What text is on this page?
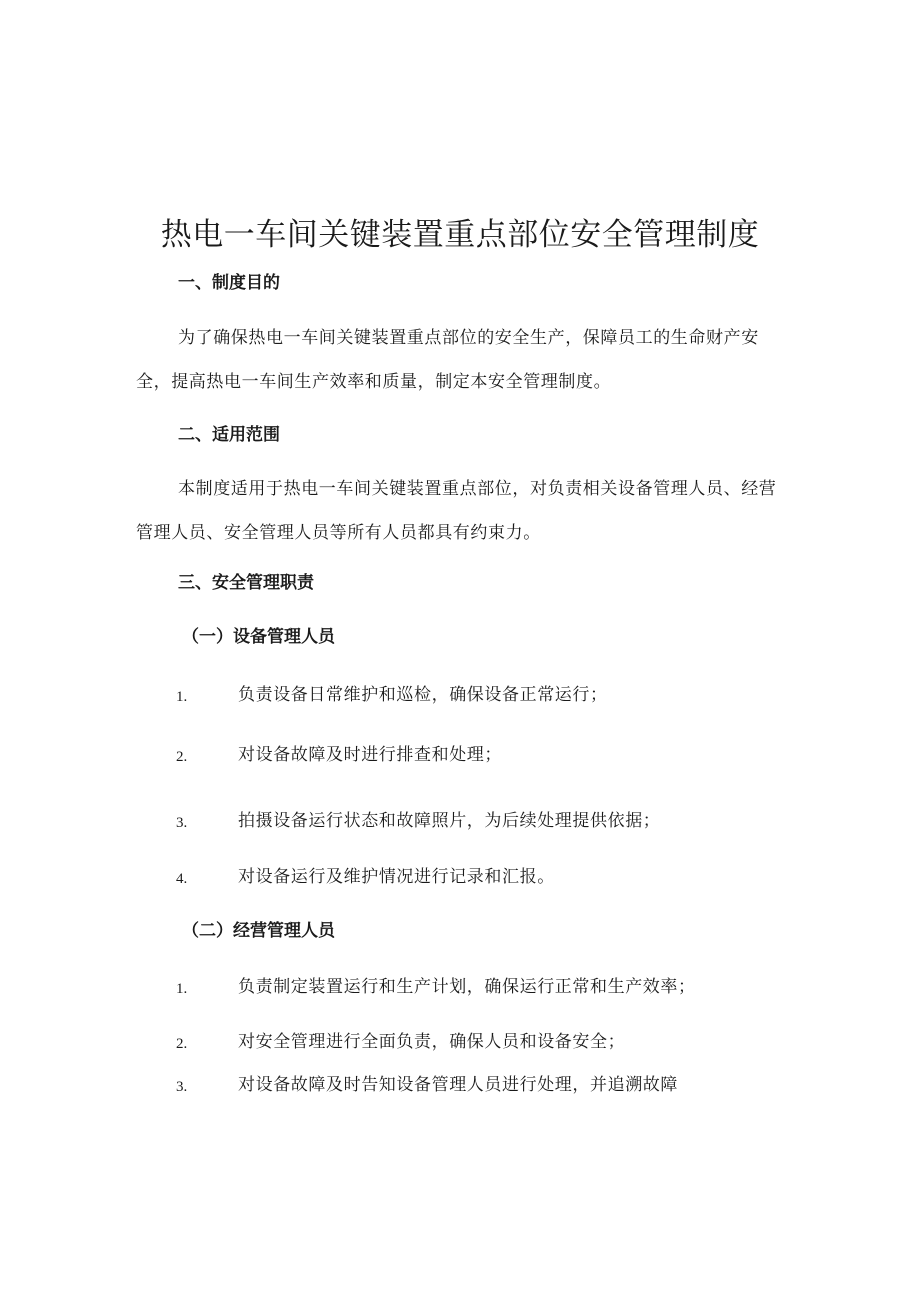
热电一车间关键装置重点部位安全管理制度
一、制度目的
为了确保热电一车间关键装置重点部位的安全生产，保障员工的生命财产安全，提高热电一车间生产效率和质量，制定本安全管理制度。
二、适用范围
本制度适用于热电一车间关键装置重点部位，对负责相关设备管理人员、经营管理人员、安全管理人员等所有人员都具有约束力。
三、安全管理职责
（一）设备管理人员
1.	负责设备日常维护和巡检，确保设备正常运行；
2.	对设备故障及时进行排查和处理；
3.	拍摄设备运行状态和故障照片，为后续处理提供依据；
4.	对设备运行及维护情况进行记录和汇报。
（二）经营管理人员
1.	负责制定装置运行和生产计划，确保运行正常和生产效率；
2.	对安全管理进行全面负责，确保人员和设备安全；
3.	对设备故障及时告知设备管理人员进行处理，并追溯故障
